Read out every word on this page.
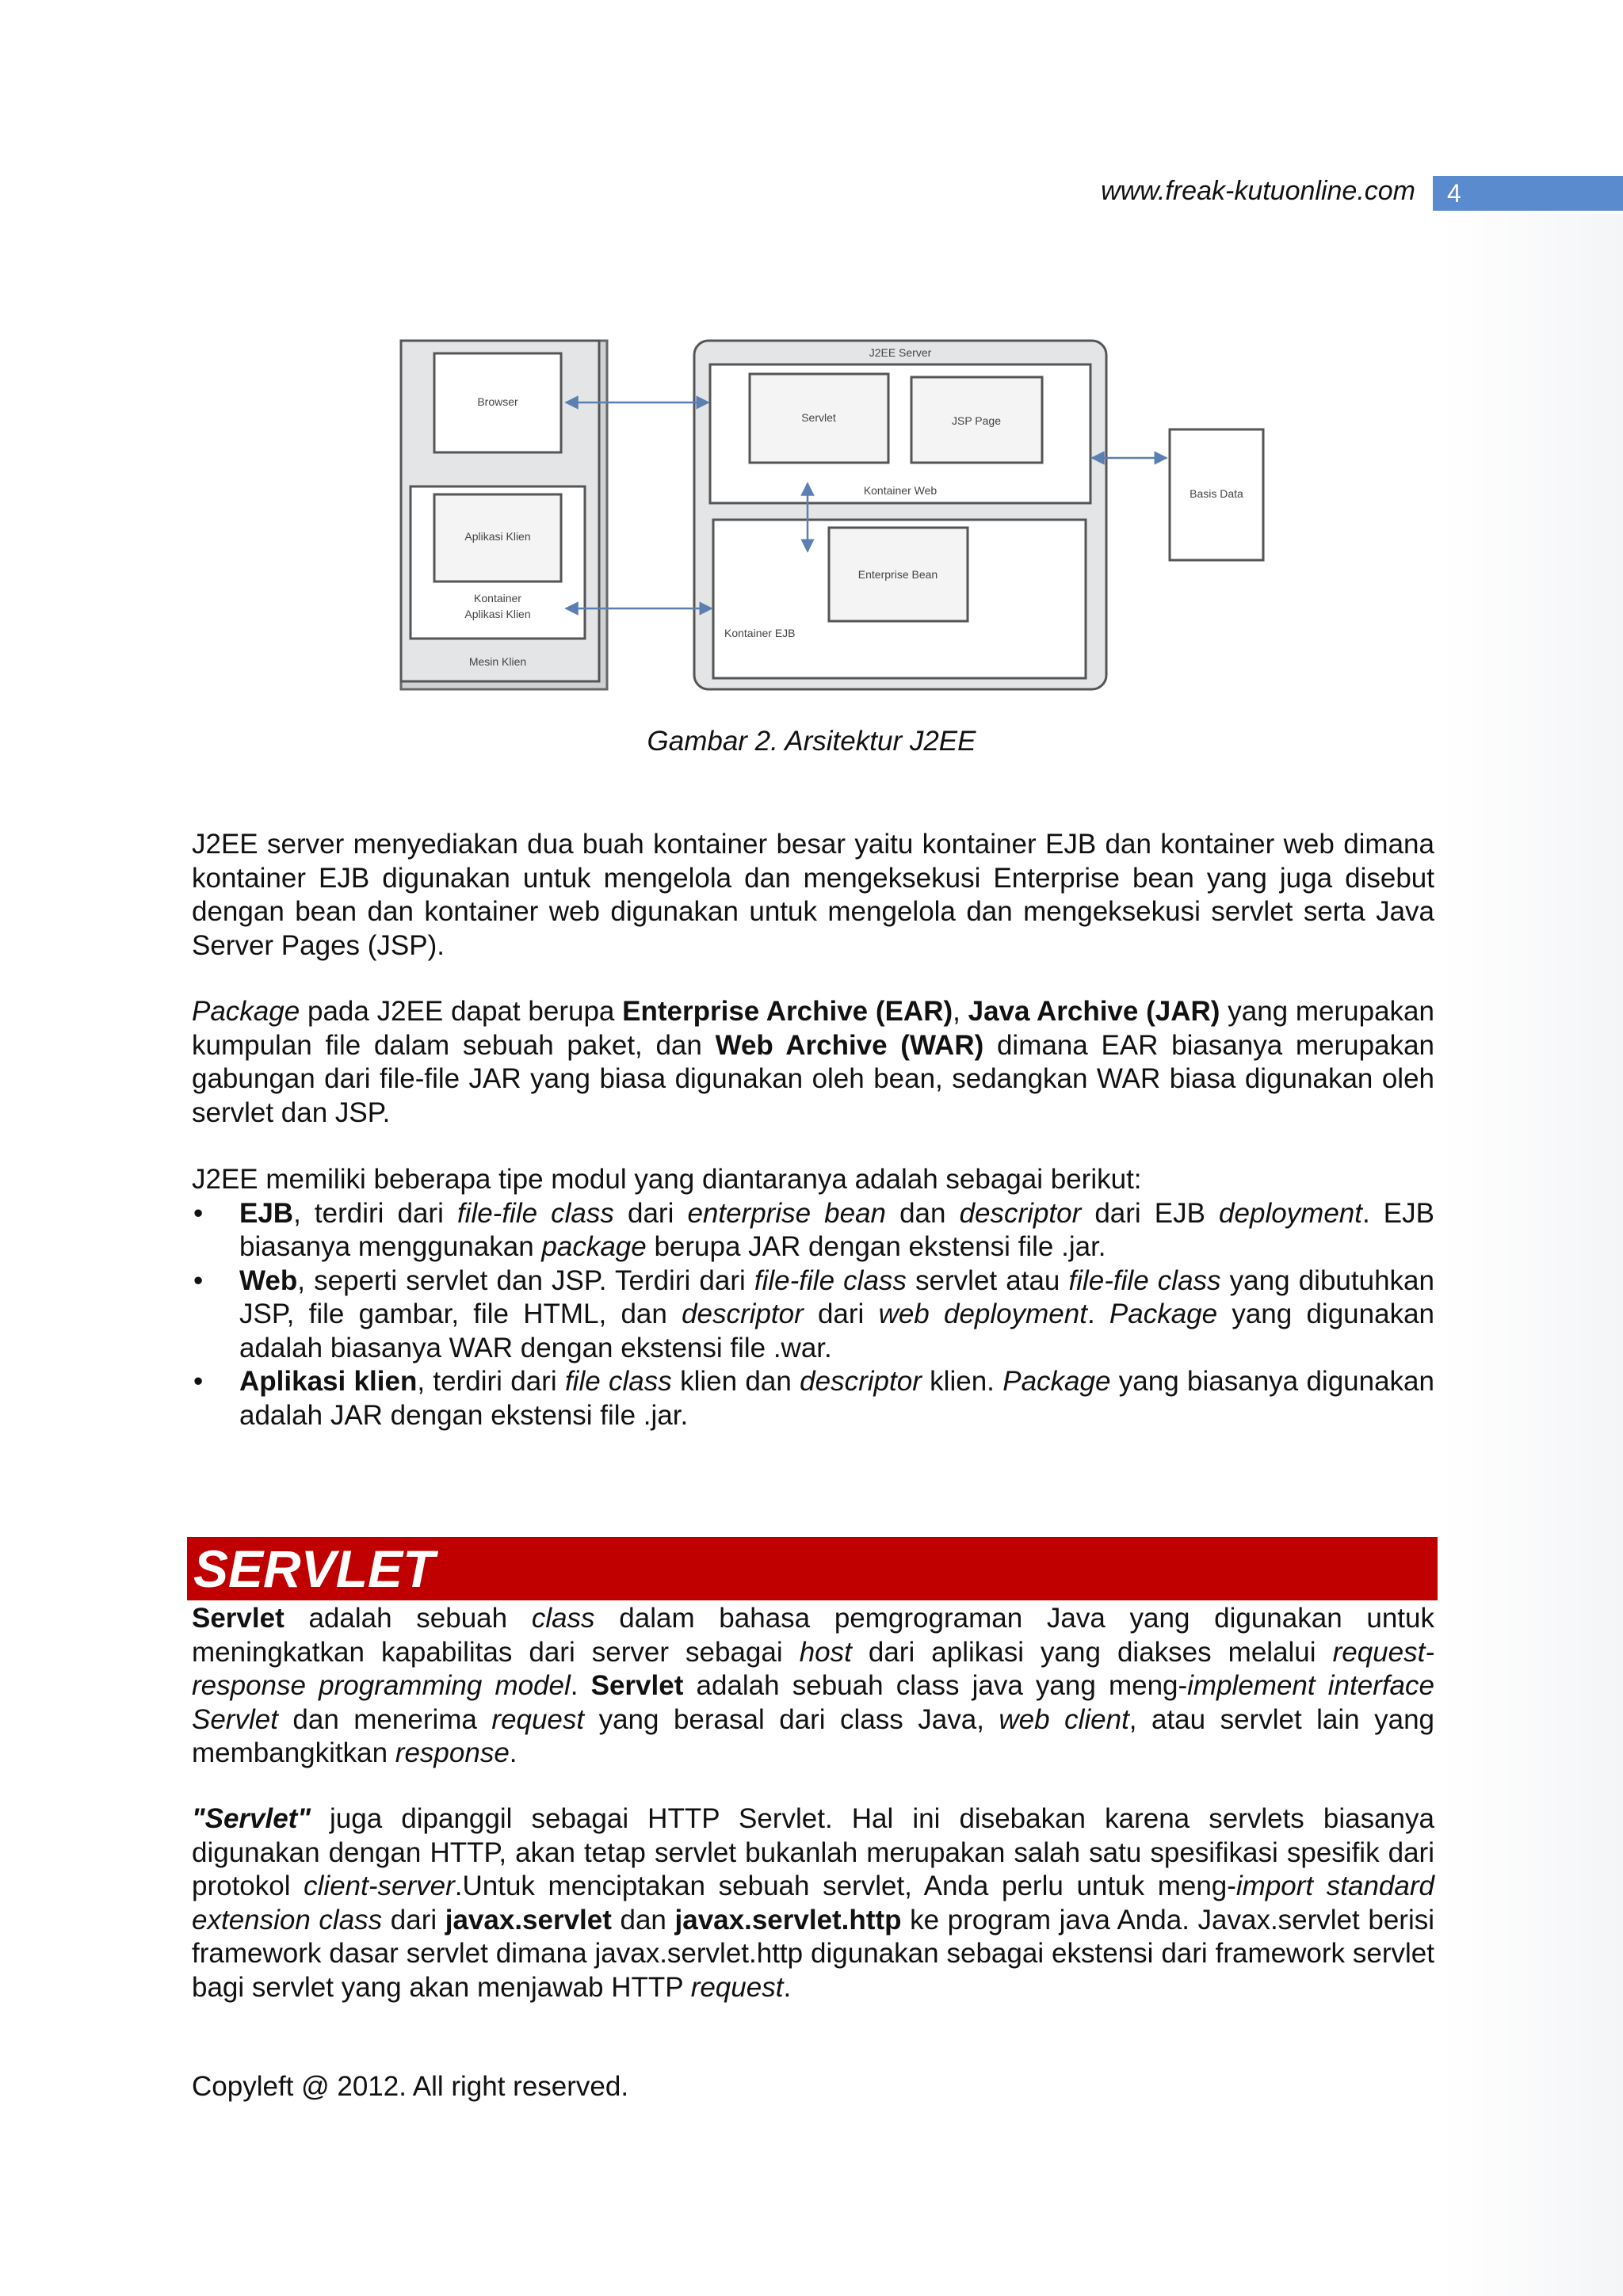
www.freak-kutuonline.com	4
Browser
Aplikasi Klien
Kontainer
Aplikasi Klien
Mesin Klien
J2EE Server
Servlet	JSP Page
Kontainer Web
Enterprise Bean
Kontainer EJB
Basis Data
Gambar 2. Arsitektur J2EE

J2EE server menyediakan dua buah kontainer besar yaitu kontainer EJB dan kontainer web dimana kontainer EJB digunakan untuk mengelola dan mengeksekusi Enterprise bean yang juga disebut dengan bean dan kontainer web digunakan untuk mengelola dan mengeksekusi servlet serta Java Server Pages (JSP).

Package pada J2EE dapat berupa Enterprise Archive (EAR), Java Archive (JAR) yang merupakan kumpulan file dalam sebuah paket, dan Web Archive (WAR) dimana EAR biasanya merupakan gabungan dari file-file JAR yang biasa digunakan oleh bean, sedangkan WAR biasa digunakan oleh servlet dan JSP.

J2EE memiliki beberapa tipe modul yang diantaranya adalah sebagai berikut:

• EJB, terdiri dari file-file class dari enterprise bean dan descriptor dari EJB deployment. EJB biasanya menggunakan package berupa JAR dengan ekstensi file .jar.
• Web, seperti servlet dan JSP. Terdiri dari file-file class servlet atau file-file class yang dibutuhkan JSP, file gambar, file HTML, dan descriptor dari web deployment. Package yang digunakan adalah biasanya WAR dengan ekstensi file .war.
• Aplikasi klien, terdiri dari file class klien dan descriptor klien. Package yang biasanya digunakan adalah JAR dengan ekstensi file .jar.
SERVLET

Servlet adalah sebuah class dalam bahasa pemgrograman Java yang digunakan untuk meningkatkan kapabilitas dari server sebagai host dari aplikasi yang diakses melalui request-response programming model. Servlet adalah sebuah class java yang meng-implement interface Servlet dan menerima request yang berasal dari class Java, web client, atau servlet lain yang membangkitkan response.

"Servlet" juga dipanggil sebagai HTTP Servlet. Hal ini disebakan karena servlets biasanya digunakan dengan HTTP, akan tetap servlet bukanlah merupakan salah satu spesifikasi spesifik dari protokol client-server.Untuk menciptakan sebuah servlet, Anda perlu untuk meng-import standard extension class dari javax.servlet dan javax.servlet.http ke program java Anda. Javax.servlet berisi framework dasar servlet dimana javax.servlet.http digunakan sebagai ekstensi dari framework servlet bagi servlet yang akan menjawab HTTP request.

Copyleft @ 2012. All right reserved.
